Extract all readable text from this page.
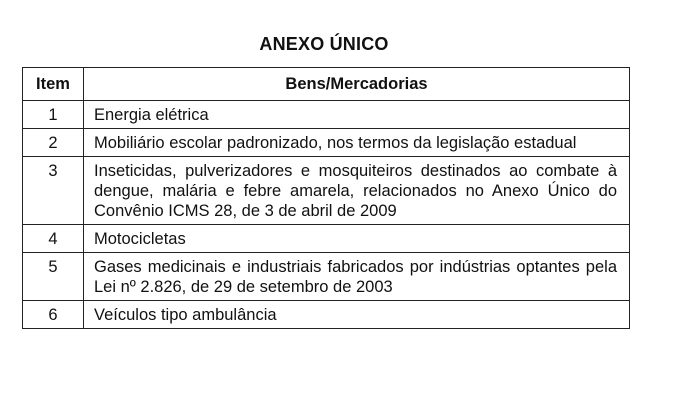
ANEXO ÚNICO
Item	Bens/Mercadorias
1	Energia elétrica
2	Mobiliário escolar padronizado, nos termos da legislação estadual
3	Inseticidas, pulverizadores e mosquiteiros destinados ao combate à dengue, malária e febre amarela, relacionados no Anexo Único do Convênio ICMS 28, de 3 de abril de 2009
4	Motocicletas
5	Gases medicinais e industriais fabricados por indústrias optantes pela Lei nº 2.826, de 29 de setembro de 2003
6	Veículos tipo ambulância
